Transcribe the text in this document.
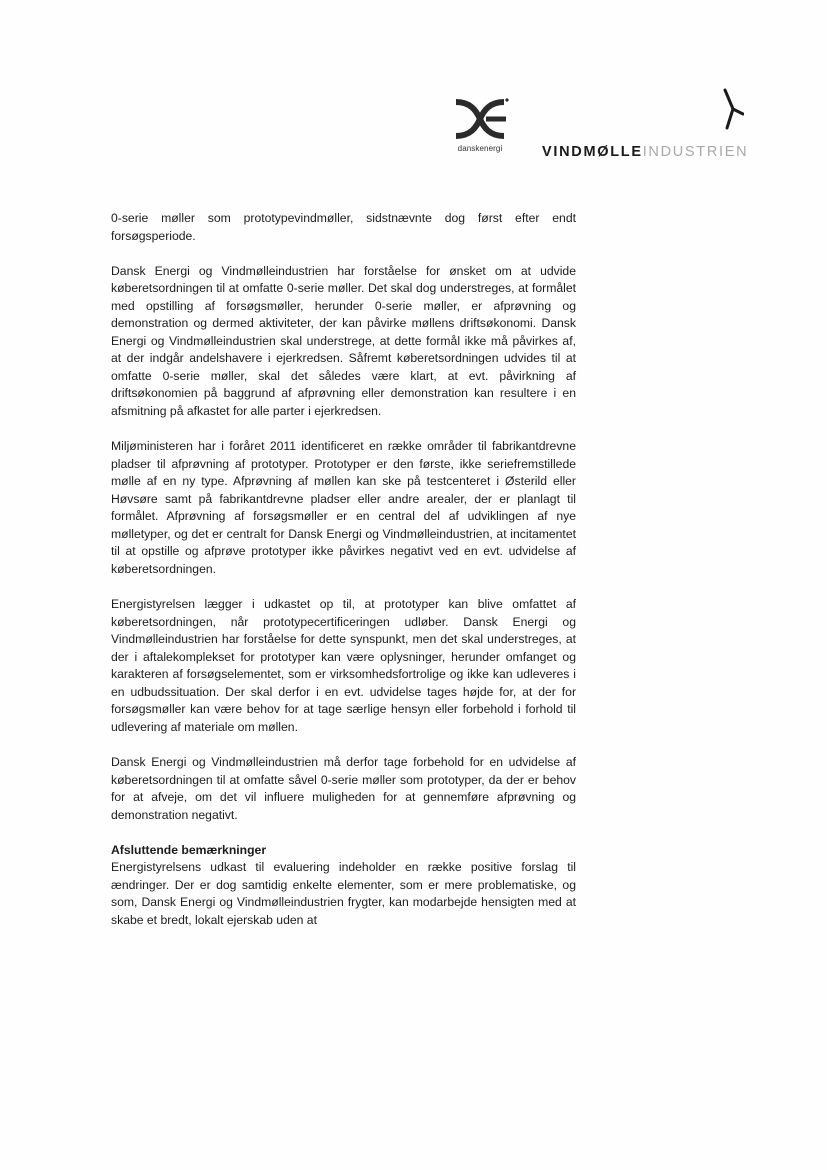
danskenergi	VINDMØLLEINDUSTRIEN

0-serie møller som prototypevindmøller, sidstnævnte dog først efter endt forsøgsperiode.

Dansk Energi og Vindmølleindustrien har forståelse for ønsket om at udvide køberetsordningen til at omfatte 0-serie møller. Det skal dog understreges, at formålet med opstilling af forsøgsmøller, herunder 0-serie møller, er afprøvning og demonstration og dermed aktiviteter, der kan påvirke møllens driftsøkonomi. Dansk Energi og Vindmølleindustrien skal understrege, at dette formål ikke må påvirkes af, at der indgår andelshavere i ejerkredsen. Såfremt køberetsordningen udvides til at omfatte 0-serie møller, skal det således være klart, at evt. påvirkning af driftsøkonomien på baggrund af afprøvning eller demonstration kan resultere i en afsmitning på afkastet for alle parter i ejerkredsen.

Miljøministeren har i foråret 2011 identificeret en række områder til fabrikantdrevne pladser til afprøvning af prototyper. Prototyper er den første, ikke seriefremstillede mølle af en ny type. Afprøvning af møllen kan ske på testcenteret i Østerild eller Høvsøre samt på fabrikantdrevne pladser eller andre arealer, der er planlagt til formålet. Afprøvning af forsøgsmøller er en central del af udviklingen af nye mølletyper, og det er centralt for Dansk Energi og Vindmølleindustrien, at incitamentet til at opstille og afprøve prototyper ikke påvirkes negativt ved en evt. udvidelse af køberetsordningen.

Energistyrelsen lægger i udkastet op til, at prototyper kan blive omfattet af køberetsordningen, når prototypecertificeringen udløber. Dansk Energi og Vindmølleindustrien har forståelse for dette synspunkt, men det skal understreges, at der i aftalekomplekset for prototyper kan være oplysninger, herunder omfanget og karakteren af forsøgselementet, som er virksomhedsfortrolige og ikke kan udleveres i en udbudssituation. Der skal derfor i en evt. udvidelse tages højde for, at der for forsøgsmøller kan være behov for at tage særlige hensyn eller forbehold i forhold til udlevering af materiale om møllen.

Dansk Energi og Vindmølleindustrien må derfor tage forbehold for en udvidelse af køberetsordningen til at omfatte såvel 0-serie møller som prototyper, da der er behov for at afveje, om det vil influere muligheden for at gennemføre afprøvning og demonstration negativt.

Afsluttende bemærkninger

Energistyrelsens udkast til evaluering indeholder en række positive forslag til ændringer. Der er dog samtidig enkelte elementer, som er mere problematiske, og som, Dansk Energi og Vindmølleindustrien frygter, kan modarbejde hensigten med at skabe et bredt, lokalt ejerskab uden at
